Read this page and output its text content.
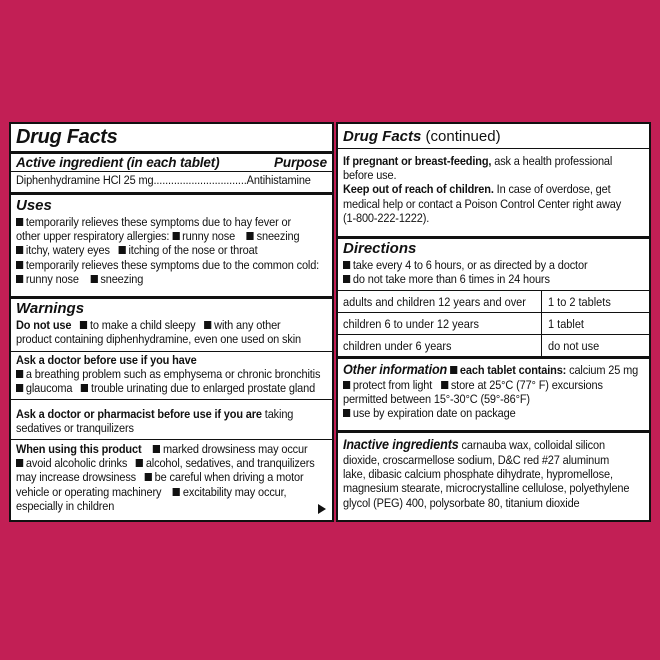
Drug Facts
Active ingredient (in each tablet)	Purpose
Diphenhydramine HCl 25 mg................................Antihistamine
Uses
temporarily relieves these symptoms due to hay fever or
other upper respiratory allergies: runny nose sneezing
itchy, watery eyes itching of the nose or throat
temporarily relieves these symptoms due to the common cold:
runny nose sneezing
Warnings
Do not use to make a child sleepy with any other
product containing diphenhydramine, even one used on skin
Ask a doctor before use if you have
a breathing problem such as emphysema or chronic bronchitis
glaucoma trouble urinating due to enlarged prostate gland
Ask a doctor or pharmacist before use if you are taking
sedatives or tranquilizers
When using this product marked drowsiness may occur
avoid alcoholic drinks alcohol, sedatives, and tranquilizers
may increase drowsiness be careful when driving a motor
vehicle or operating machinery excitability may occur,
especially in children
Drug Facts (continued)
If pregnant or breast-feeding, ask a health professional
before use.
Keep out of reach of children. In case of overdose, get
medical help or contact a Poison Control Center right away
(1-800-222-1222).
Directions
take every 4 to 6 hours, or as directed by a doctor
do not take more than 6 times in 24 hours
adults and children 12 years and over 1 to 2 tablets
children 6 to under 12 years	1 tablet
children under 6 years	do not use
Other information each tablet contains: calcium 25 mg
protect from light store at 25°C (77° F) excursions
permitted between 15°-30°C (59°-86°F)
use by expiration date on package
Inactive ingredients carnauba wax, colloidal silicon
dioxide, croscarmellose sodium, D&C red #27 aluminum
lake, dibasic calcium phosphate dihydrate, hypromellose,
magnesium stearate, microcrystalline cellulose, polyethylene
glycol (PEG) 400, polysorbate 80, titanium dioxide
